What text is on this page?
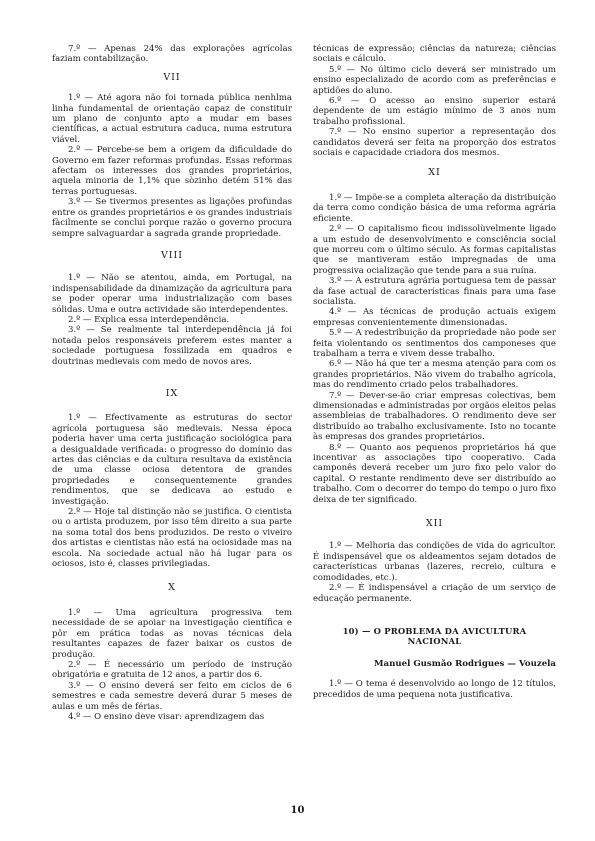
7.º — Apenas 24% das explorações agrícolas faziam contabilização.

VII

1.º — Até agora não foi tornada pública nenhlma linha fundamental de orientação capaz de constituir um plano de conjunto apto a mudar em bases científicas, a actual estrutura caduca, numa estrutura viável.

2.º — Percebe-se bem a origem da dificuldade do Governo em fazer reformas profundas. Essas reformas afectam os interesses dos grandes proprietários, aquela minoria de 1,1% que sòzinho detém 51% das terras portuguesas.

3.º — Se tivermos presentes as ligações profundas entre os grandes proprietários e os grandes industriais fàcilmente se conclui porque razão o governo procura sempre salvaguardar a sagrada grande propriedade.

VIII

1.º — Não se atentou, ainda, em Portugal, na indispensabilidade da dinamização da agricultura para se poder operar uma industrialização com bases sólidas. Uma e outra actividade são interdependentes.

2.º — Explica essa interdependência.

3.º — Se realmente tal interdependência já foi notada pelos responsáveis preferem estes manter a sociedade portuguesa fossilizada em quadros e doutrinas medievais com medo de novos ares.

IX

1.º — Efectivamente as estruturas do sector agrícola portuguesa são medievais. Nessa época poderia haver uma certa justificação sociológica para a desigualdade verificada: o progresso do domínio das artes das ciências e da cultura resultava da existência de uma classe ociosa detentora de grandes propriedades e consequentemente grandes rendimentos, que se dedicava ao estudo e investigação.

2.º — Hoje tal distinção não se justifica. O cientista ou o artista produzem, por isso têm direito a sua parte na soma total dos bens produzidos. De resto o viveiro dos artistas e cientistas não está na ociosidade mas na escola. Na sociedade actual não há lugar para os ociosos, isto é, classes privilegiadas.

X

1.º — Uma agricultura progressiva tem necessidade de se apoiar na investigação científica e pôr em prática todas as novas técnicas dela resultantes capazes de fazer baixar os custos de produção.

2.º — É necessário um período de instrução obrigatória e gratuita de 12 anos, a partir dos 6.

3.º — O ensino deverá ser feito em ciclos de 6 semestres e cada semestre deverá durar 5 meses de aulas e um mês de férias.

4.º — O ensino deve visar: aprendizagem das

técnicas de expressão; ciências da natureza; ciências sociais e cálculo.

5.º — No último ciclo deverá ser ministrado um ensino especializado de acordo com as preferências e aptidões do aluno.

6.º — O acesso ao ensino superior estará dependente de um estágio mínimo de 3 anos num trabalho profissional.

7.º — No ensino superior a representação dos candidatos deverá ser feita na proporção dos estratos sociais e capacidade criadora dos mesmos.

XI

1.º — Impõe-se a completa alteração da distribuição da terra como condição básica de uma reforma agrária eficiente.

2.º — O capitalismo ficou indissolùvelmente ligado a um estudo de desenvolvimento e consciência social que morreu com o último século. As formas capitalistas que se mantiveram estão impregnadas de uma progressiva ocialização que tende para a sua ruína.

3.º — A estrutura agrária portuguesa tem de passar da fase actual de características finais para uma fase socialista.

4.º — As técnicas de produção actuais exigem empresas convenientemente dimensionadas.

5.º — A redestribuição da propriedade não pode ser feita violentando os sentimentos dos camponeses que trabalham a terra e vivem desse trabalho.

6.º — Não há que ter a mesma atenção para com os grandes proprietários. Não vivem do trabalho agrícola, mas do rendimento criado pelos trabalhadores.

7.º — Dever-se-ão criar empresas colectivas, bem dimensionadas e administradas por orgãos eleitos pelas assembleias de trabalhadores. O rendimento deve ser distribuído ao trabalho exclusivamente. Isto no tocante às empresas dos grandes proprietários.

8.º — Quanto aos pequenos proprietários há que incentivar as associações tipo cooperativo. Cada camponês deverá receber um juro fixo pelo valor do capital. O restante rendimento deve ser distribuído ao trabalho. Com o decorrer do tempo do tempo o juro fixo deixa de ter significado.

XII

1.º — Melhoria das condições de vida do agricultor. É indispensável que os aldeamentos sejam dotados de características urbanas (lazeres, recreio, cultura e comodidades, etc.).

2.º — É indispensável a criação de um serviço de educação permanente.

10) — O PROBLEMA DA AVICULTURA
NACIONAL

Manuel Gusmão Rodrigues — Vouzela

1.º — O tema é desenvolvido ao longo de 12 títulos, precedidos de uma pequena nota justificativa.

10
